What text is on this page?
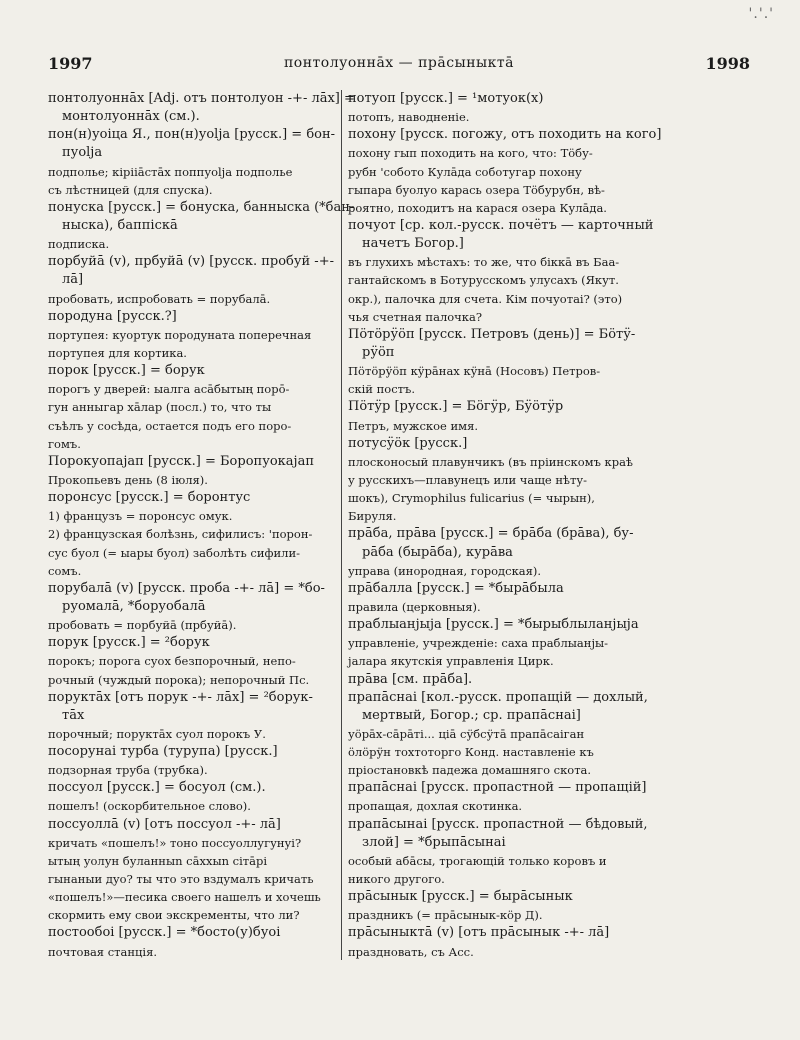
'.'.'
1997	понтолуоннāх — прāсыныктā	1998
понтолуоннāх [Adj. отъ понтолуон -+- лāх] =
монтолуоннāх (см.).
пон(н)уоiца Я., пон(н)уоlja [русск.] = бон-
пуоlja
подполье; кiрiiāстāх поппуоlja подполье
съ лѣстницей (для спуска).
понуска [русск.] = бонуска, банныска (*бан-
ныска), баппiскā
подписка.
порбуйā (v), прбуйā (v) [русск. пробуй -+-
лā]
пробовать, испробовать = порубалā.
породуна [русск.?]
портупея: куортук породуната поперечная
портупея для кортика.
порок [русск.] = борук
порогъ у дверей: ыалга асāбытың порō-
гун анныгар хāлар (посл.) то, что ты
съѣлъ у сосѣда, остается подъ его поро-
гомъ.
Порокуопаjап [русск.] = Боропуокаjап
Прокопьевъ день (8 iюля).
поронсус [русск.] = боронтус
1) французъ = поронсус омук.
2) французская болѣзнь, сифилисъ: 'порон-
сус буол (= ыары буол) заболѣть сифили-
сомъ.
порубалā (v) [русск. проба -+- лā] = *бо-
руомалā, *боруобалā
пробовать = порбуйā (прбуйā).
порук [русск.] = ²борук
порокъ; порога суох безпорочный, непо-
рочный (чуждый порока); непорочный Пс.
поруктāх [отъ порук -+- лāх] = ²борук-
тāх
порочный; поруктāх суол порокъ У.
посорунаi турба (турупа) [русск.]
подзорная труба (трубка).
поссуол [русск.] = босуол (см.).
пошелъ! (оскорбительное слово).
поссуоллā (v) [отъ поссуол -+- лā]
кричать «пошелъ!» тоно поссуоллугунуi?
ытың уолун буланныn сāххыn сiтāрi
гынаныи дуо? ты что это вздумалъ кричать
«пошелъ!»—песика своего нашелъ и хочешь
скормить ему свои экскременты, что ли?
постообоi [русск.] = *босто(у)буоi
почтовая станцiя.
потуоп [русск.] = ¹мотуок(х)
потопъ, наводненiе.
похону [русск. погожу, отъ походить на кого]
похону гып походить на кого, что: Тöбу-
рубн 'собото Кулāда соботугар похону
гыпара буолуо карась озера Тöбурубн, вѣ-
роятно, походитъ на карася озера Кулāда.
почуот [ср. кол.-русск. почётъ — карточный
начетъ Богор.]
въ глухихъ мѣстахъ: то же, что бiккā въ Баа-
гантайскомъ в Ботурусскомъ улусахъ (Якут.
окр.), палочка для счета. Кiм почуотаi? (это)
чья счетная палочка?
Пöтöрӱöп [русск. Петровъ (день)] = Бöтӱ-
рӱöп
Пöтöрӱöп кӱрāнах кӱнā (Носовъ) Петров-
скiй постъ.
Пöтӱр [русск.] = Бöгӱр, Бӱöтӱр
Петръ, мужское имя.
потусӱöк [русск.]
плосконосый плавунчикъ (въ прiинскомъ краѣ
у русскихъ—плавунецъ или чаще нѣту-
шокъ), Crymophilus fulicarius (= чырын),
Бируля.
прāба, прāва [русск.] = брāба (брāва), бу-
рāба (бырāба), курāва
управа (инородная, городская).
прāбалла [русск.] = *бырāбыла
правила (церковныя).
праблыанjыja [русск.] = *бырыблыланjыja
управленiе, учрежденiе: саха праблыанjы-
jалара якутскiя управленiя Цирк.
прāва [см. прāба].
прапāснаi [кол.-русск. пропащiй — дохлый,
мертвый, Богор.; ср. прапāснаi]
уöрāх-сāрāтi... цiā сӱбсӱтā прапāсаiган
öлöрӱн тохтоторго Конд. наставленiе къ
прiостановкѣ падежа домашняго скота.
прапāснаi [русск. пропастной — пропащiй]
пропащая, дохлая скотинка.
прапāсынаi [русск. пропастной — бѣдовый,
злой] = *брыпāсынаi
особый абāсы, трогающiй только коровъ и
никого другого.
прāсынык [русск.] = бырāсынык
праздникъ (= прāсынык-кöр Д).
прāсыныктā (v) [отъ прāсынык -+- лā]
праздновать, съ Асс.
